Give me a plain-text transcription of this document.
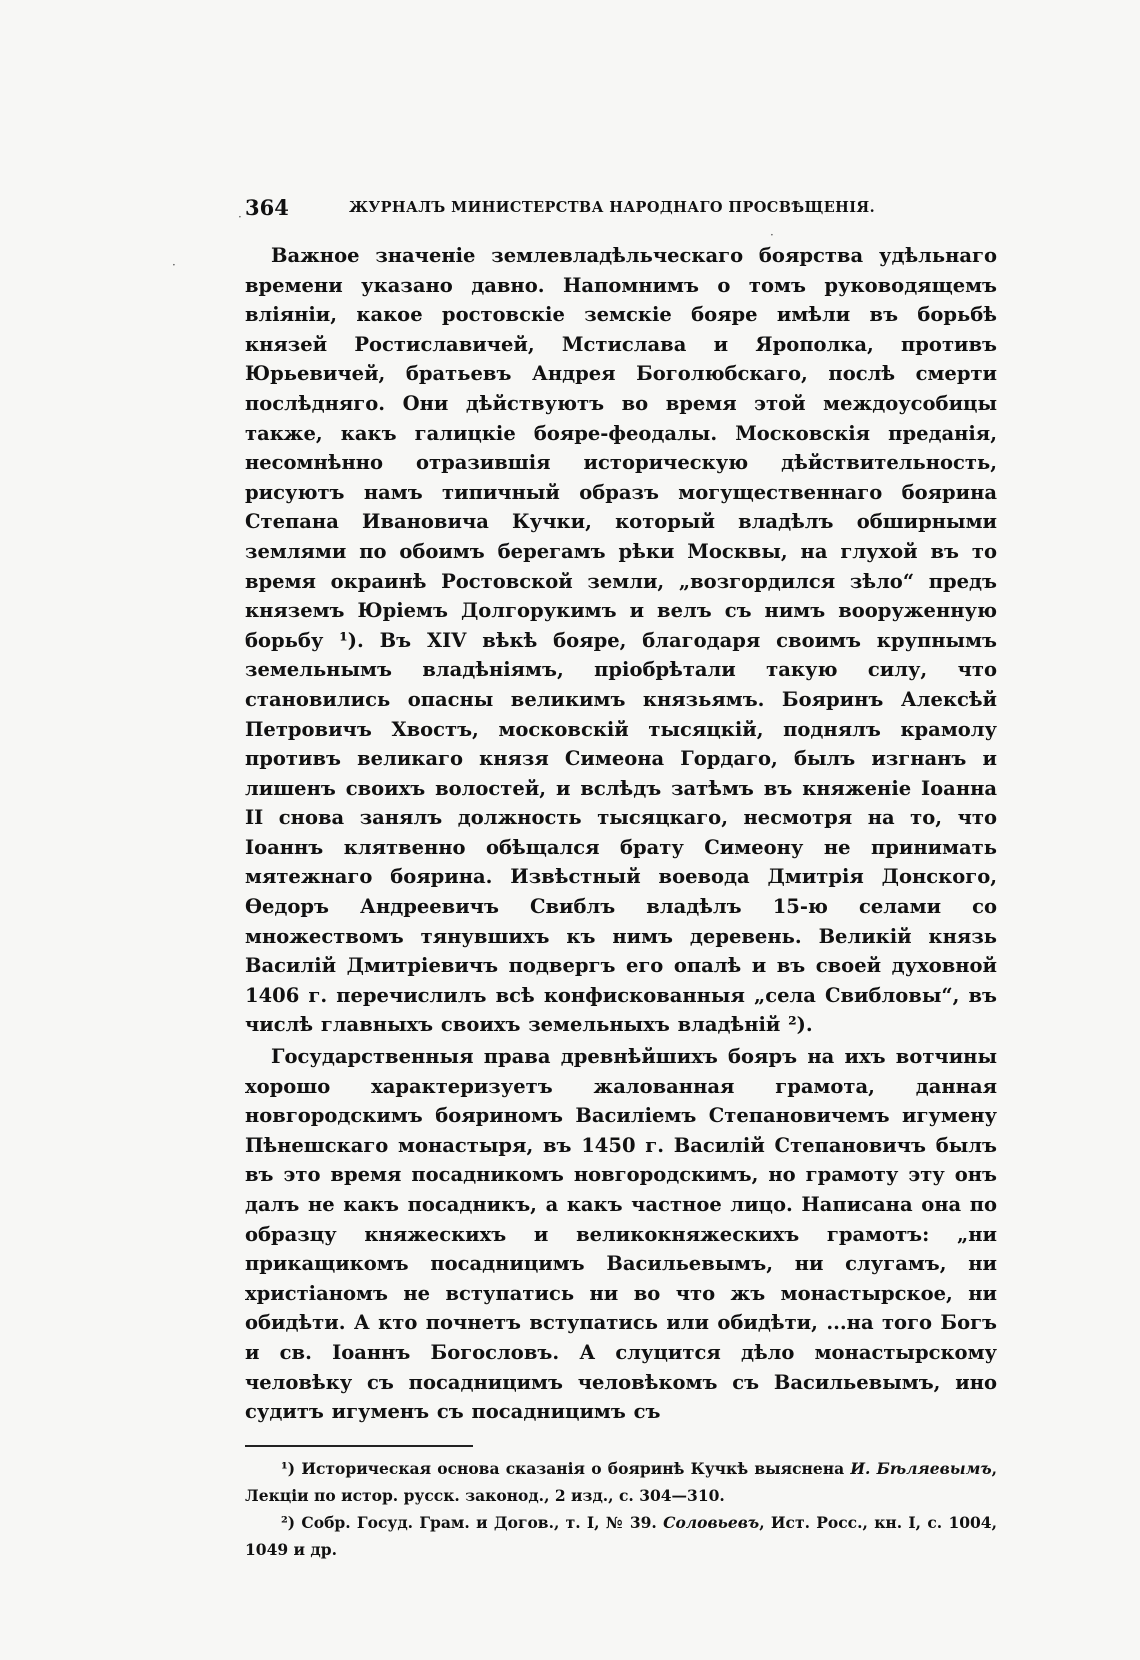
364	ЖУРНАЛЪ МИНИСТЕРСТВА НАРОДНАГО ПРОСВѢЩЕНІЯ.

Важное значеніе землевладѣльческаго боярства удѣльнаго времени указано давно. Напомнимъ о томъ руководящемъ вліяніи, какое ростовскіе земскіе бояре имѣли въ борьбѣ князей Ростиславичей, Мстислава и Ярополка, противъ Юрьевичей, братьевъ Андрея Боголюбскаго, послѣ смерти послѣдняго. Они дѣйствуютъ во время этой междоусобицы также, какъ галицкіе бояре-феодалы. Московскія преданія, несомнѣнно отразившія историческую дѣйствительность, рисуютъ намъ типичный образъ могущественнаго боярина Степана Ивановича Кучки, который владѣлъ обширными землями по обоимъ берегамъ рѣки Москвы, на глухой въ то время окраинѣ Ростовской земли, „возгордился зѣло“ предъ княземъ Юріемъ Долгорукимъ и велъ съ нимъ вооруженную борьбу ¹). Въ XIV вѣкѣ бояре, благодаря своимъ крупнымъ земельнымъ владѣніямъ, пріобрѣтали такую силу, что становились опасны великимъ князьямъ. Бояринъ Алексѣй Петровичъ Хвостъ, московскій тысяцкій, поднялъ крамолу противъ великаго князя Симеона Гордаго, былъ изгнанъ и лишенъ своихъ волостей, и вслѣдъ затѣмъ въ княженіе Іоанна II снова занялъ должность тысяцкаго, несмотря на то, что Іоаннъ клятвенно обѣщался брату Симеону не принимать мятежнаго боярина. Извѣстный воевода Дмитрія Донского, Өедоръ Андреевичъ Свиблъ владѣлъ 15-ю селами со множествомъ тянувшихъ къ нимъ деревень. Великій князь Василій Дмитріевичъ подвергъ его опалѣ и въ своей духовной 1406 г. перечислилъ всѣ конфискованныя „села Свибловы“, въ числѣ главныхъ своихъ земельныхъ владѣній ²).

Государственныя права древнѣйшихъ бояръ на ихъ вотчины хорошо характеризуетъ жалованная грамота, данная новгородскимъ бояриномъ Василіемъ Степановичемъ игумену Пѣнешскаго монастыря, въ 1450 г. Василій Степановичъ былъ въ это время посадникомъ новгородскимъ, но грамоту эту онъ далъ не какъ посадникъ, а какъ частное лицо. Написана она по образцу княжескихъ и великокняжескихъ грамотъ: „ни прикащикомъ посадницимъ Васильевымъ, ни слугамъ, ни христіаномъ не вступатись ни во что жъ монастырское, ни обидѣти. А кто почнетъ вступатись или обидѣти, ...на того Богъ и св. Іоаннъ Богословъ. А слуцится дѣло монастырскому человѣку съ посадницимъ человѣкомъ съ Васильевымъ, ино судитъ игуменъ съ посадницимъ съ

¹) Историческая основа сказанія о бояринѣ Кучкѣ выяснена И. Бѣляевымъ, Лекціи по истор. русск. законод., 2 изд., с. 304—310.

²) Собр. Госуд. Грам. и Догов., т. I, № 39. Соловьевъ, Ист. Росс., кн. I, с. 1004, 1049 и др.

·
·
·
